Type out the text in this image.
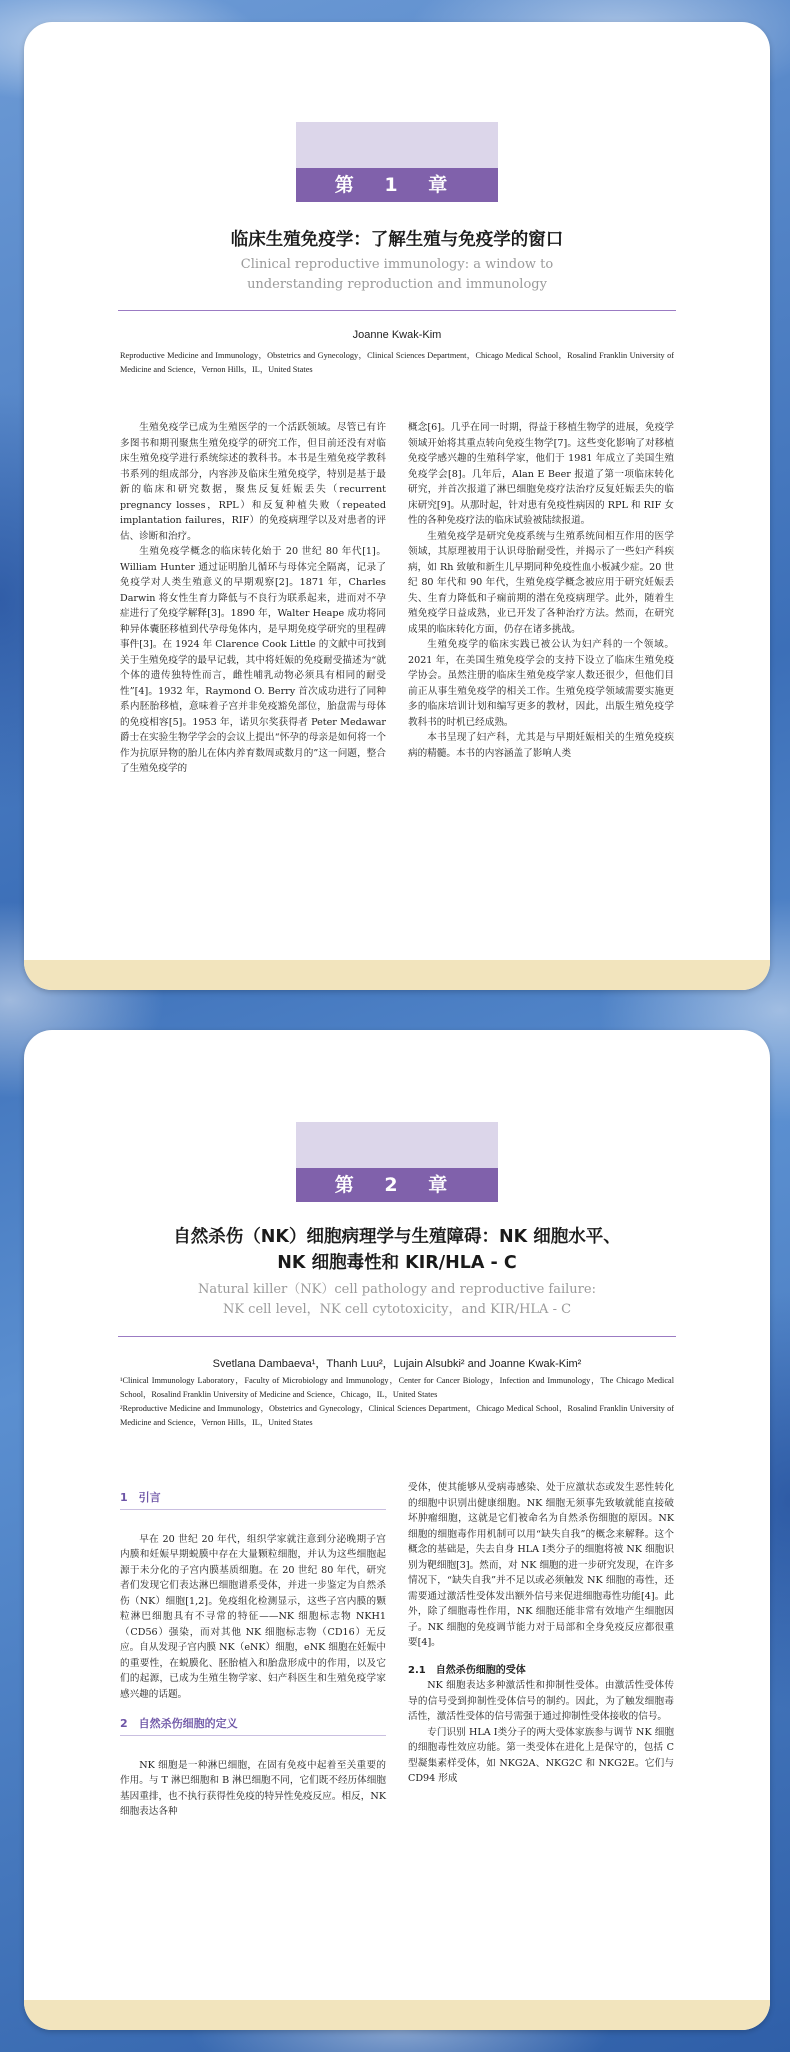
第 1 章
临床生殖免疫学：了解生殖与免疫学的窗口
Clinical reproductive immunology: a window to
understanding reproduction and immunology
Joanne Kwak-Kim
Reproductive Medicine and Immunology，Obstetrics and Gynecology，Clinical Sciences Department，Chicago Medical School，Rosalind Franklin University of Medicine and Science，Vernon Hills，IL，United States

生殖免疫学已成为生殖医学的一个活跃领域。尽管已有许多图书和期刊聚焦生殖免疫学的研究工作，但目前还没有对临床生殖免疫学进行系统综述的教科书。本书是生殖免疫学教科书系列的组成部分，内容涉及临床生殖免疫学，特别是基于最新的临床和研究数据，聚焦反复妊娠丢失（recurrent pregnancy losses，RPL）和反复种植失败（repeated implantation failures，RIF）的免疫病理学以及对患者的评估、诊断和治疗。

生殖免疫学概念的临床转化始于 20 世纪 80 年代[1]。William Hunter 通过证明胎儿循环与母体完全隔离，记录了免疫学对人类生殖意义的早期观察[2]。1871 年，Charles Darwin 将女性生育力降低与不良行为联系起来，进而对不孕症进行了免疫学解释[3]。1890 年，Walter Heape 成功将同种异体囊胚移植到代孕母兔体内，是早期免疫学研究的里程碑事件[3]。在 1924 年 Clarence Cook Little 的文献中可找到关于生殖免疫学的最早记载，其中将妊娠的免疫耐受描述为“就个体的遗传独特性而言，雌性哺乳动物必须具有相同的耐受性”[4]。1932 年，Raymond O. Berry 首次成功进行了同种系内胚胎移植，意味着子宫并非免疫豁免部位，胎盘需与母体的免疫相容[5]。1953 年，诺贝尔奖获得者 Peter Medawar 爵士在实验生物学学会的会议上提出“怀孕的母亲是如何将一个作为抗原异物的胎儿在体内养育数周或数月的”这一问题，整合了生殖免疫学的

概念[6]。几乎在同一时期，得益于移植生物学的进展，免疫学领域开始将其重点转向免疫生物学[7]。这些变化影响了对移植免疫学感兴趣的生殖科学家，他们于 1981 年成立了美国生殖免疫学会[8]。几年后，Alan E Beer 报道了第一项临床转化研究，并首次报道了淋巴细胞免疫疗法治疗反复妊娠丢失的临床研究[9]。从那时起，针对患有免疫性病因的 RPL 和 RIF 女性的各种免疫疗法的临床试验被陆续报道。

生殖免疫学是研究免疫系统与生殖系统间相互作用的医学领域，其原理被用于认识母胎耐受性，并揭示了一些妇产科疾病，如 Rh 致敏和新生儿早期同种免疫性血小板减少症。20 世纪 80 年代和 90 年代，生殖免疫学概念被应用于研究妊娠丢失、生育力降低和子痫前期的潜在免疫病理学。此外，随着生殖免疫学日益成熟，业已开发了各种治疗方法。然而，在研究成果的临床转化方面，仍存在诸多挑战。

生殖免疫学的临床实践已被公认为妇产科的一个领域。2021 年，在美国生殖免疫学会的支持下设立了临床生殖免疫学协会。虽然注册的临床生殖免疫学家人数还很少，但他们目前正从事生殖免疫学的相关工作。生殖免疫学领域需要实施更多的临床培训计划和编写更多的教材，因此，出版生殖免疫学教科书的时机已经成熟。

本书呈现了妇产科，尤其是与早期妊娠相关的生殖免疫疾病的精髓。本书的内容涵盖了影响人类

第 2 章
自然杀伤（NK）细胞病理学与生殖障碍：NK 细胞水平、
NK 细胞毒性和 KIR/HLA - C
Natural killer（NK）cell pathology and reproductive failure:
NK cell level，NK cell cytotoxicity，and KIR/HLA - C
Svetlana Dambaeva¹，Thanh Luu²，Lujain Alsubki² and Joanne Kwak-Kim²
¹Clinical Immunology Laboratory，Faculty of Microbiology and Immunology，Center for Cancer Biology，Infection and Immunology，The Chicago Medical School，Rosalind Franklin University of Medicine and Science，Chicago，IL，United States
²Reproductive Medicine and Immunology，Obstetrics and Gynecology，Clinical Sciences Department，Chicago Medical School，Rosalind Franklin University of Medicine and Science，Vernon Hills，IL，United States
1　引言

早在 20 世纪 20 年代，组织学家就注意到分泌晚期子宫内膜和妊娠早期蜕膜中存在大量颗粒细胞，并认为这些细胞起源于未分化的子宫内膜基质细胞。在 20 世纪 80 年代，研究者们发现它们表达淋巴细胞谱系受体，并进一步鉴定为自然杀伤（NK）细胞[1,2]。免疫组化检测显示，这些子宫内膜的颗粒淋巴细胞具有不寻常的特征——NK 细胞标志物 NKH1（CD56）强染，而对其他 NK 细胞标志物（CD16）无反应。自从发现子宫内膜 NK（eNK）细胞，eNK 细胞在妊娠中的重要性，在蜕膜化、胚胎植入和胎盘形成中的作用，以及它们的起源，已成为生殖生物学家、妇产科医生和生殖免疫学家感兴趣的话题。

2　自然杀伤细胞的定义

NK 细胞是一种淋巴细胞，在固有免疫中起着至关重要的作用。与 T 淋巴细胞和 B 淋巴细胞不同，它们既不经历体细胞基因重排，也不执行获得性免疫的特异性免疫反应。相反，NK 细胞表达各种

受体，使其能够从受病毒感染、处于应激状态或发生恶性转化的细胞中识别出健康细胞。NK 细胞无须事先致敏就能直接破坏肿瘤细胞，这就是它们被命名为自然杀伤细胞的原因。NK 细胞的细胞毒作用机制可以用“缺失自我”的概念来解释。这个概念的基础是，失去自身 HLA Ⅰ类分子的细胞将被 NK 细胞识别为靶细胞[3]。然而，对 NK 细胞的进一步研究发现，在许多情况下，“缺失自我”并不足以或必须触发 NK 细胞的毒性，还需要通过激活性受体发出额外信号来促进细胞毒性功能[4]。此外，除了细胞毒性作用，NK 细胞还能非常有效地产生细胞因子。NK 细胞的免疫调节能力对于局部和全身免疫反应都很重要[4]。

2.1　自然杀伤细胞的受体

NK 细胞表达多种激活性和抑制性受体。由激活性受体传导的信号受到抑制性受体信号的制约。因此，为了触发细胞毒活性，激活性受体的信号需强于通过抑制性受体接收的信号。

专门识别 HLA Ⅰ类分子的两大受体家族参与调节 NK 细胞的细胞毒性效应功能。第一类受体在进化上是保守的，包括 C 型凝集素样受体，如 NKG2A、NKG2C 和 NKG2E。它们与 CD94 形成
